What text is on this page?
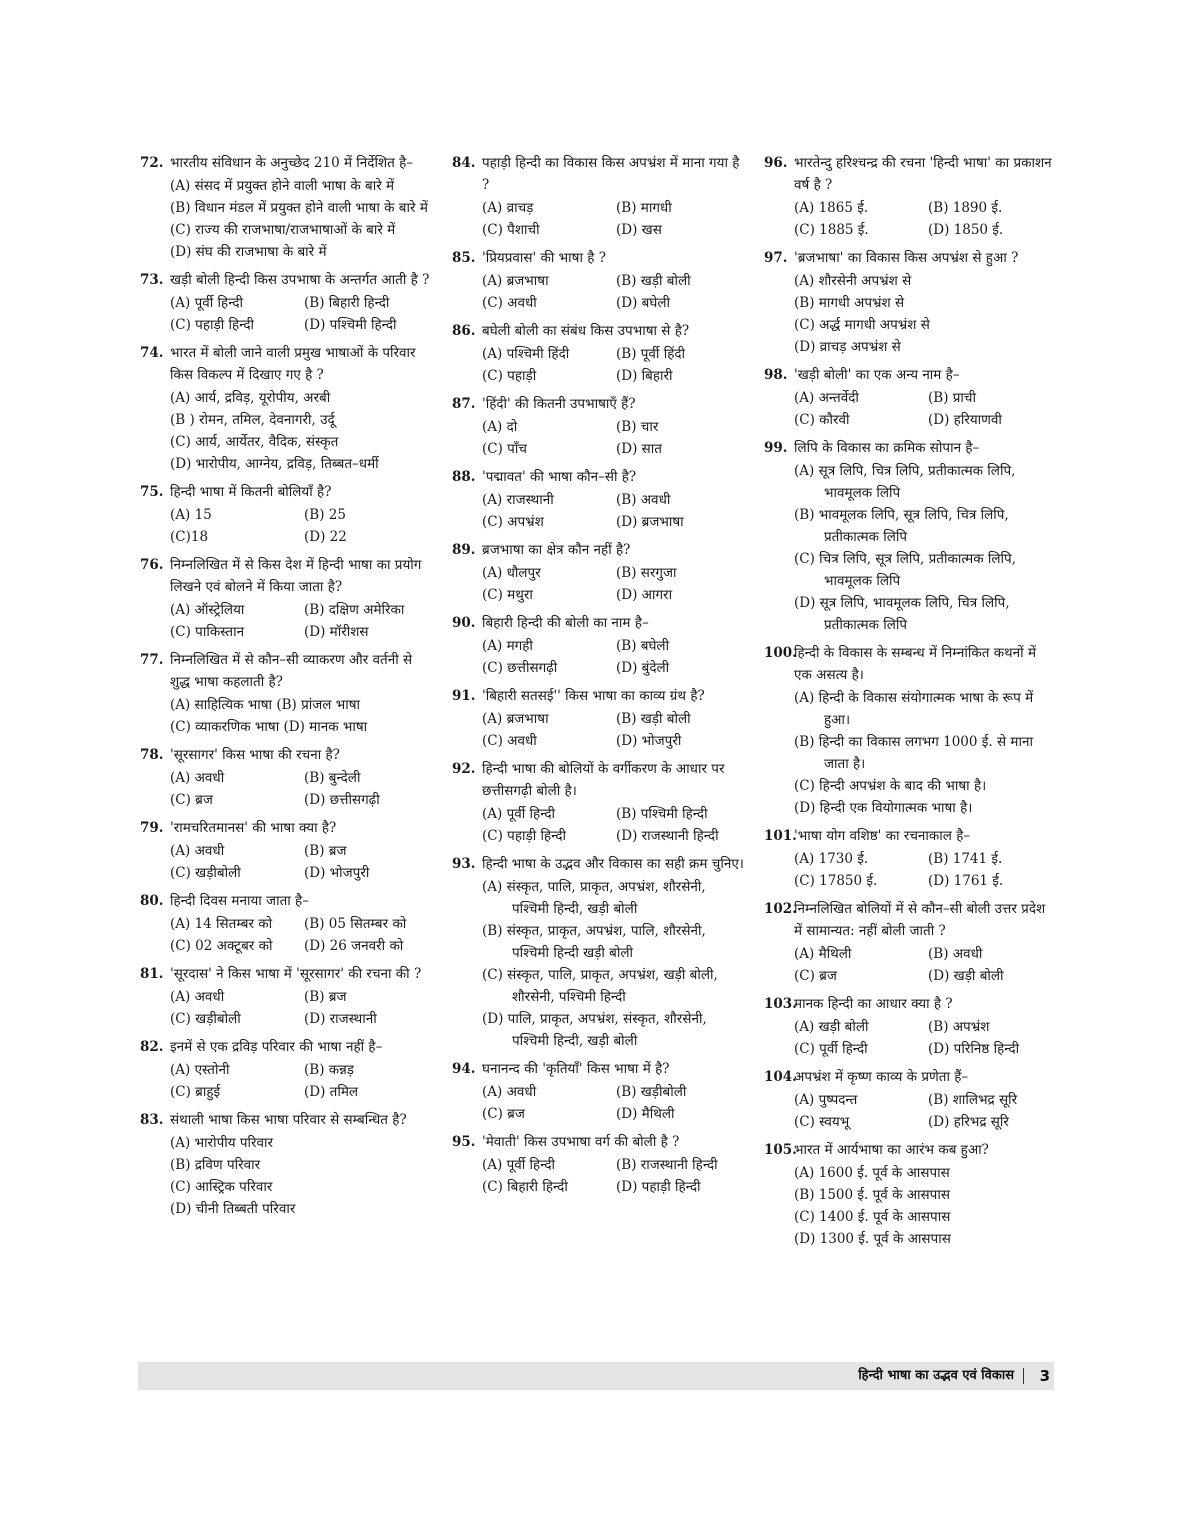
72. भारतीय संविधान के अनुच्छेद 210 में निर्देशित है–
(A) संसद में प्रयुक्त होने वाली भाषा के बारे में
(B) विधान मंडल में प्रयुक्त होने वाली भाषा के बारे में
(C) राज्य की राजभाषा/राजभाषाओं के बारे में
(D) संघ की राजभाषा के बारे में
73. खड़ी बोली हिन्दी किस उपभाषा के अन्तर्गत आती है ?
(A) पूर्वी हिन्दी	(B) बिहारी हिन्दी
(C) पहाड़ी हिन्दी	(D) पश्चिमी हिन्दी
74. भारत में बोली जाने वाली प्रमुख भाषाओं के परिवार किस विकल्प में दिखाए गए है ?
(A) आर्य, द्रविड़, यूरोपीय, अरबी
(B ) रोमन, तमिल, देवनागरी, उर्दू
(C) आर्य, आर्येतर, वैदिक, संस्कृत
(D) भारोपीय, आग्नेय, द्रविड़, तिब्बत–धर्मी
75. हिन्दी भाषा में कितनी बोलियाँ है?
(A) 15	(B) 25
(C)18	(D) 22
76. निम्नलिखित में से किस देश में हिन्दी भाषा का प्रयोग लिखने एवं बोलने में किया जाता है?
(A) ऑस्ट्रेलिया	(B) दक्षिण अमेरिका
(C) पाकिस्तान	(D) मॉरीशस
77. निम्नलिखित में से कौन–सी व्याकरण और वर्तनी से शुद्ध भाषा कहलाती है?
(A) साहित्यिक भाषा (B) प्रांजल भाषा
(C) व्याकरणिक भाषा (D) मानक भाषा
78. 'सूरसागर' किस भाषा की रचना है?
(A) अवधी	(B) बुन्देली
(C) ब्रज	(D) छत्तीसगढ़ी
79. 'रामचरितमानस' की भाषा क्या है?
(A) अवधी	(B) ब्रज
(C) खड़ीबोली	(D) भोजपुरी
80. हिन्दी दिवस मनाया जाता है–
(A) 14 सितम्बर को	(B) 05 सितम्बर को
(C) 02 अक्टूबर को	(D) 26 जनवरी को
81. 'सूरदास' ने किस भाषा में 'सूरसागर' की रचना की ?
(A) अवधी	(B) ब्रज
(C) खड़ीबोली	(D) राजस्थानी
82. इनमें से एक द्रविड़ परिवार की भाषा नहीं है–
(A) एस्तोनी	(B) कन्नड़
(C) ब्राहुई	(D) तमिल
83. संथाली भाषा किस भाषा परिवार से सम्बन्धित है?
(A) भारोपीय परिवार
(B) द्रविण परिवार
(C) आस्ट्रिक परिवार
(D) चीनी तिब्बती परिवार
84. पहाड़ी हिन्दी का विकास किस अपभ्रंश में माना गया है ?
(A) व्राचड़	(B) मागधी
(C) पैशाची	(D) खस
85. 'प्रियप्रवास' की भाषा है ?
(A) ब्रजभाषा	(B) खड़ी बोली
(C) अवधी	(D) बघेली
86. बघेली बोली का संबंध किस उपभाषा से है?
(A) पश्चिमी हिंदी	(B) पूर्वी हिंदी
(C) पहाड़ी	(D) बिहारी
87. 'हिंदी' की कितनी उपभाषाएँ हैं?
(A) दो	(B) चार
(C) पाँच	(D) सात
88. 'पद्मावत' की भाषा कौन–सी है?
(A) राजस्थानी	(B) अवधी
(C) अपभ्रंश	(D) ब्रजभाषा
89. ब्रजभाषा का क्षेत्र कौन नहीं है?
(A) धौलपुर	(B) सरगुजा
(C) मथुरा	(D) आगरा
90. बिहारी हिन्दी की बोली का नाम है–
(A) मगही	(B) बघेली
(C) छत्तीसगढ़ी	(D) बुंदेली
91. 'बिहारी सतसई'' किस भाषा का काव्य ग्रंथ है?
(A) ब्रजभाषा	(B) खड़ी बोली
(C) अवधी	(D) भोजपुरी
92. हिन्दी भाषा की बोलियों के वर्गीकरण के आधार पर छत्तीसगढ़ी बोली है।
(A) पूर्वी हिन्दी	(B) पश्चिमी हिन्दी
(C) पहाड़ी हिन्दी	(D) राजस्थानी हिन्दी
93. हिन्दी भाषा के उद्भव और विकास का सही क्रम चुनिए।
(A) संस्कृत, पालि, प्राकृत, अपभ्रंश, शौरसेनी, पश्चिमी हिन्दी, खड़ी बोली
(B) संस्कृत, प्राकृत, अपभ्रंश, पालि, शौरसेनी, पश्चिमी हिन्दी खड़ी बोली
(C) संस्कृत, पालि, प्राकृत, अपभ्रंश, खड़ी बोली, शौरसेनी, पश्चिमी हिन्दी
(D) पालि, प्राकृत, अपभ्रंश, संस्कृत, शौरसेनी, पश्चिमी हिन्दी, खड़ी बोली
94. घनानन्द की 'कृतियाँ' किस भाषा में है?
(A) अवधी	(B) खड़ीबोली
(C) ब्रज	(D) मैथिली
95. 'मेवाती' किस उपभाषा वर्ग की बोली है ?
(A) पूर्वी हिन्दी	(B) राजस्थानी हिन्दी
(C) बिहारी हिन्दी	(D) पहाड़ी हिन्दी
96. भारतेन्दु हरिश्चन्द्र की रचना 'हिन्दी भाषा' का प्रकाशन वर्ष है ?
(A) 1865 ई.	(B) 1890 ई.
(C) 1885 ई.	(D) 1850 ई.
97. 'ब्रजभाषा' का विकास किस अपभ्रंश से हुआ ?
(A) शौरसेनी अपभ्रंश से
(B) मागधी अपभ्रंश से
(C) अर्द्ध मागधी अपभ्रंश से
(D) व्राचड़ अपभ्रंश से
98. 'खड़ी बोली' का एक अन्य नाम है–
(A) अन्तर्वेदी	(B) प्राची
(C) कौरवी	(D) हरियाणवी
99. लिपि के विकास का क्रमिक सोपान है–
(A) सूत्र लिपि, चित्र लिपि, प्रतीकात्मक लिपि, भावमूलक लिपि
(B) भावमूलक लिपि, सूत्र लिपि, चित्र लिपि, प्रतीकात्मक लिपि
(C) चित्र लिपि, सूत्र लिपि, प्रतीकात्मक लिपि, भावमूलक लिपि
(D) सूत्र लिपि, भावमूलक लिपि, चित्र लिपि, प्रतीकात्मक लिपि
100.
हिन्दी के विकास के सम्बन्ध में निम्नांकित कथनों में एक असत्य है।
(A) हिन्दी के विकास संयोगात्मक भाषा के रूप में हुआ।
(B) हिन्दी का विकास लगभग 1000 ई. से माना जाता है।
(C) हिन्दी अपभ्रंश के बाद की भाषा है।
(D) हिन्दी एक वियोगात्मक भाषा है।
101.
'भाषा योग वशिष्ठ' का रचनाकाल है–
(A) 1730 ई.	(B) 1741 ई.
(C) 17850 ई.	(D) 1761 ई.
102.
निम्नलिखित बोलियों में से कौन–सी बोली उत्तर प्रदेश में सामान्यत: नहीं बोली जाती ?
(A) मैथिली	(B) अवधी
(C) ब्रज	(D) खड़ी बोली
103.
मानक हिन्दी का आधार क्या है ?
(A) खड़ी बोली	(B) अपभ्रंश
(C) पूर्वी हिन्दी	(D) परिनिष्ठ हिन्दी
104.
अपभ्रंश में कृष्ण काव्य के प्रणेता हैं–
(A) पुष्पदन्त	(B) शालिभद्र सूरि
(C) स्वयभू	(D) हरिभद्र सूरि
105.
भारत में आर्यभाषा का आरंभ कब हुआ?
(A) 1600 ई. पूर्व के आसपास
(B) 1500 ई. पूर्व के आसपास
(C) 1400 ई. पूर्व के आसपास
(D) 1300 ई. पूर्व के आसपास
हिन्दी भाषा का उद्भव एवं विकास 3
